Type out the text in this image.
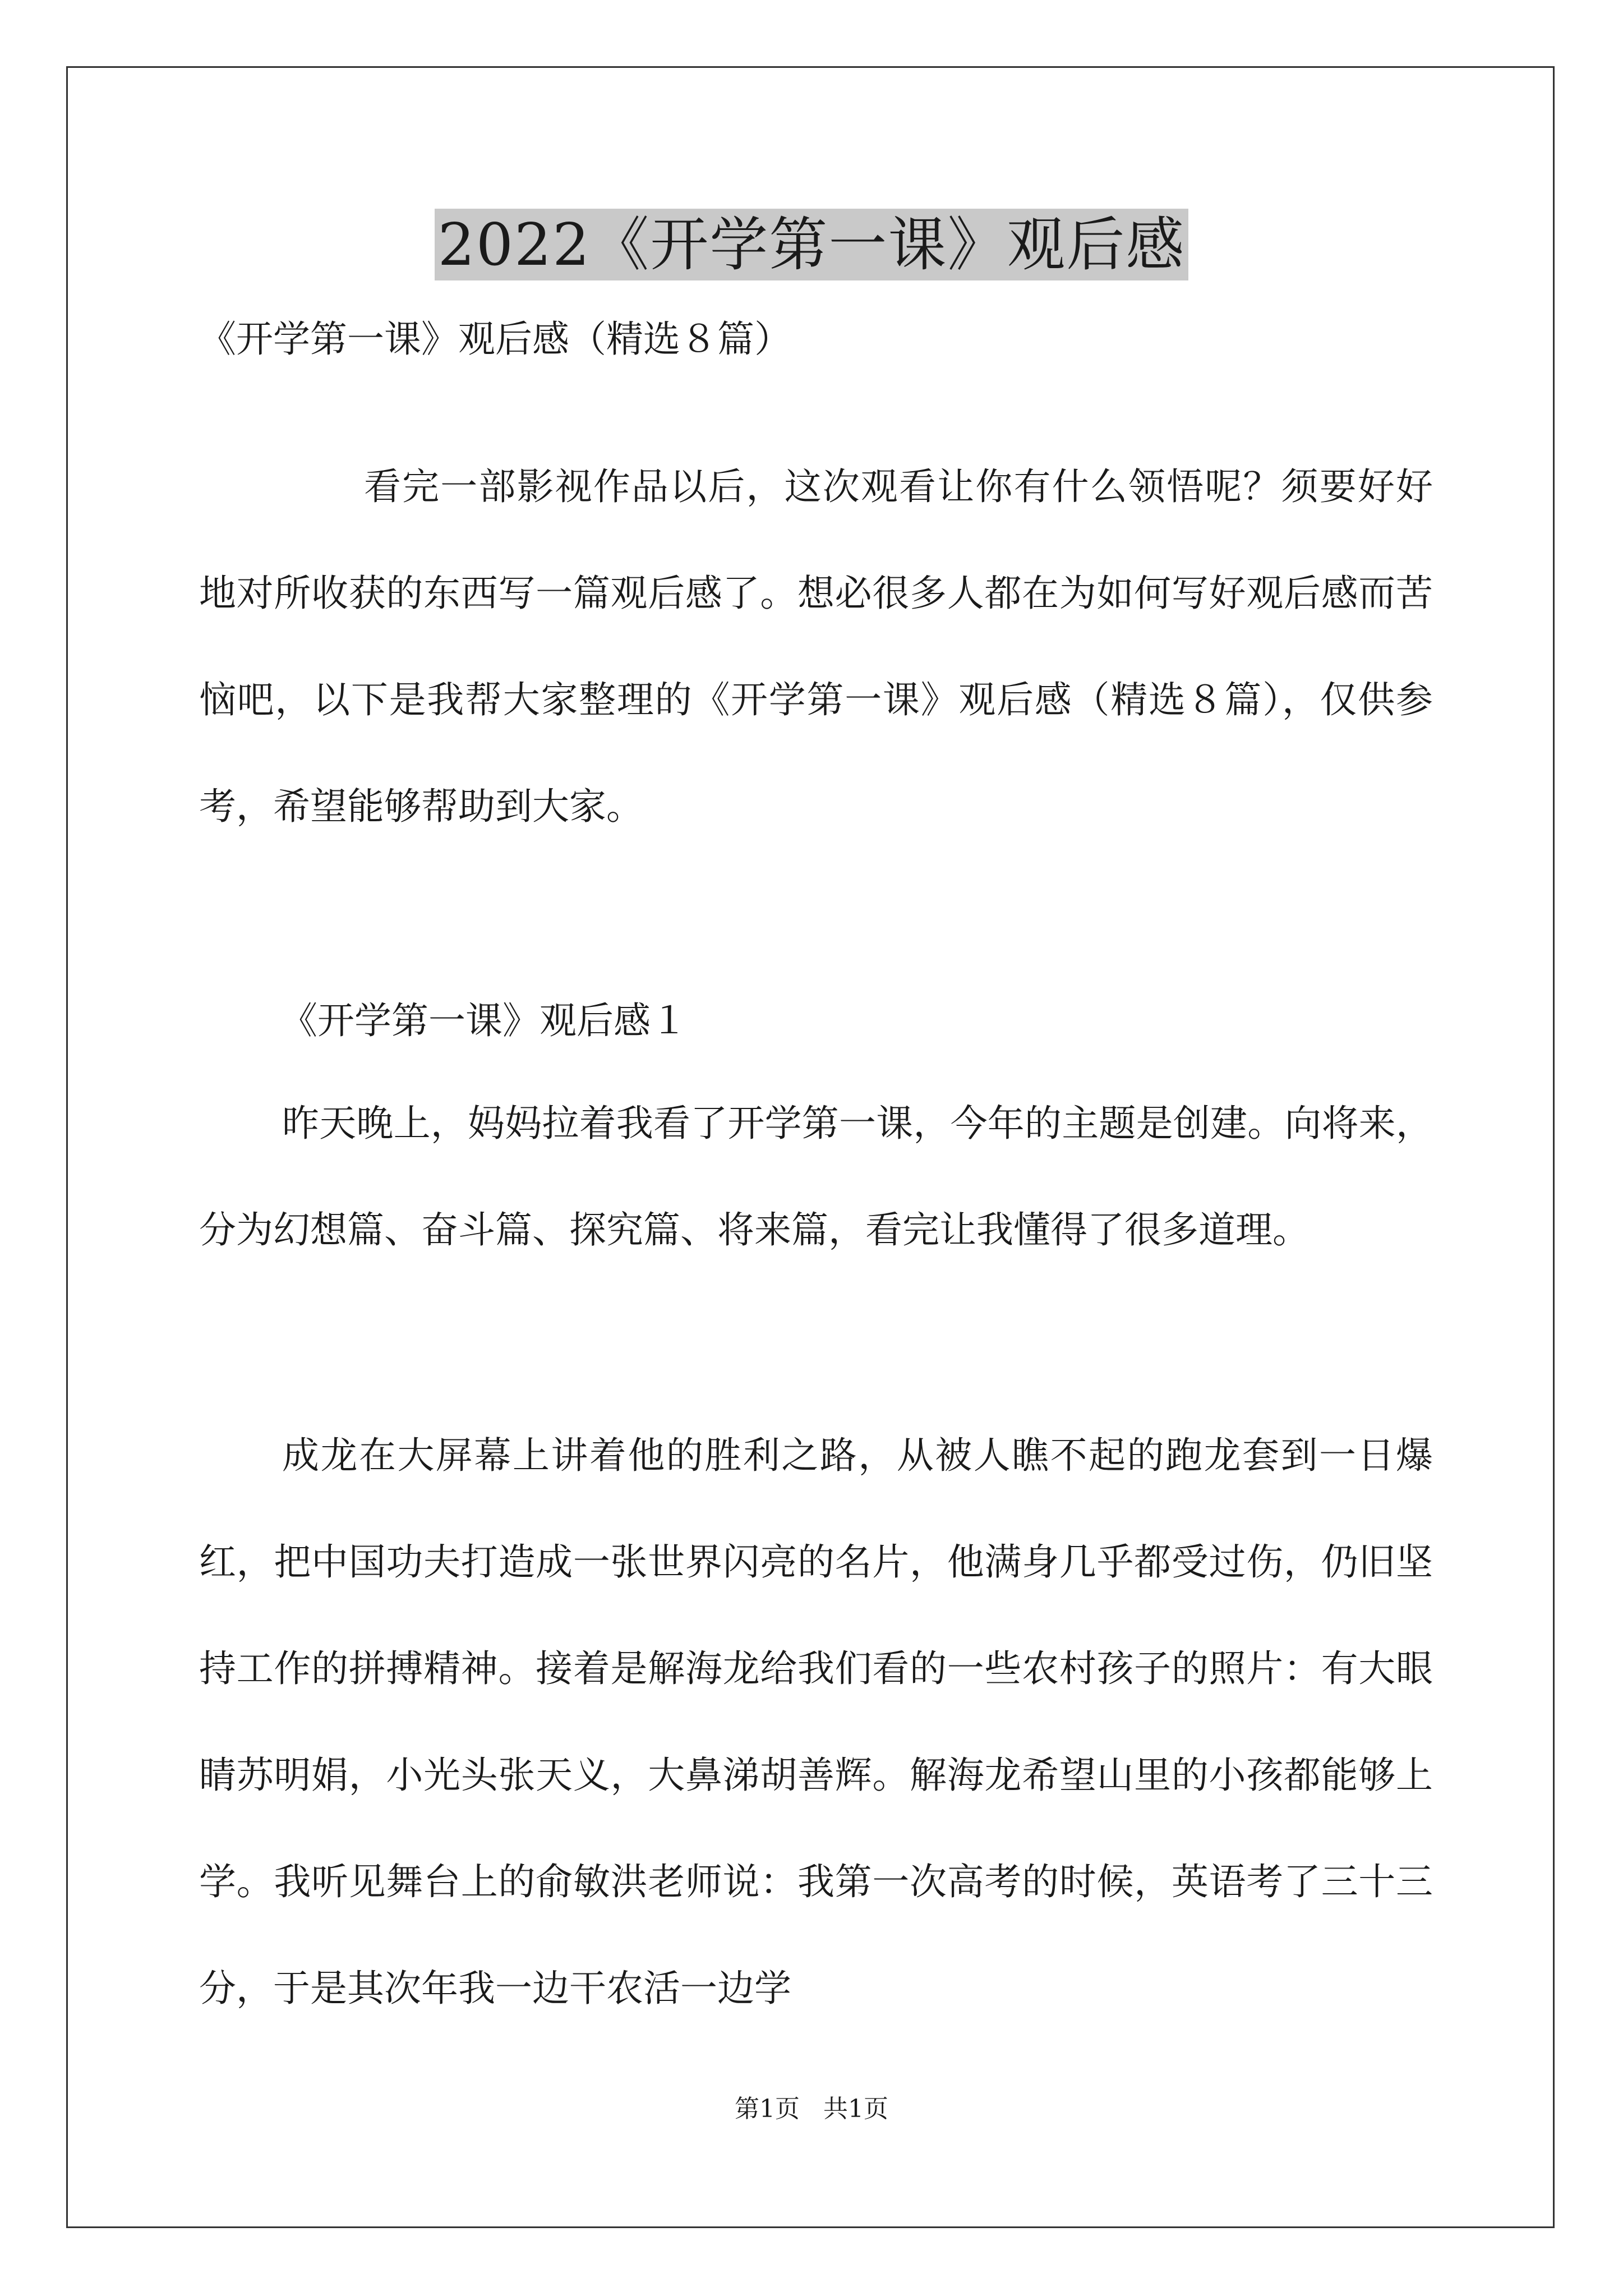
2022《开学第一课》观后感
《开学第一课》观后感（精选８篇）
看完一部影视作品以后，这次观看让你有什么领悟呢？须要好好地对所收获的东西写一篇观后感了。想必很多人都在为如何写好观后感而苦恼吧，以下是我帮大家整理的《开学第一课》观后感（精选８篇），仅供参考，希望能够帮助到大家。
《开学第一课》观后感１
昨天晚上，妈妈拉着我看了开学第一课，今年的主题是创建。向将来，分为幻想篇、奋斗篇、探究篇、将来篇，看完让我懂得了很多道理。
成龙在大屏幕上讲着他的胜利之路，从被人瞧不起的跑龙套到一日爆红，把中国功夫打造成一张世界闪亮的名片，他满身几乎都受过伤，仍旧坚持工作的拼搏精神。接着是解海龙给我们看的一些农村孩子的照片：有大眼睛苏明娟，小光头张天义，大鼻涕胡善辉。解海龙希望山里的小孩都能够上学。我听见舞台上的俞敏洪老师说：我第一次高考的时候，英语考了三十三分，于是其次年我一边干农活一边学
第1页   共1页
